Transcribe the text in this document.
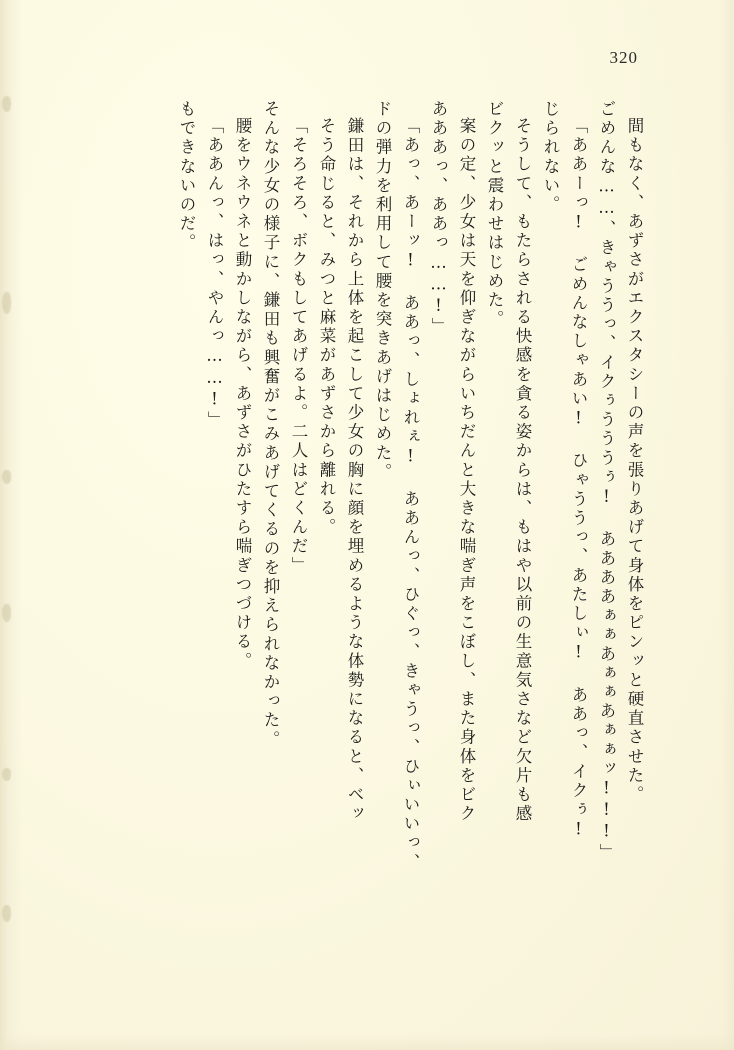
320
もできないのだ。 「ああんっ、はっ、やんっ……!」 腰をウネウネと動かしながら、あずさがひたすら喘ぎつづける。 そんな少女の様子に、鎌田も興奮がこみあげてくるのを抑えられなかった。 「そろそろ、ボクもしてあげるよ。二人はどくんだ」 そう命じると、みつと麻菜があずさから離れる。 鎌田は、それから上体を起こして少女の胸に顔を埋めるような体勢になると、ベッ ドの弾力を利用して腰を突きあげはじめた。 「あっ、あーッ! ああっ、しょれぇ! ああんっ、ひぐっ、きゃうっ、ひぃいいっ、 あああっ、ああっ……!」 案の定、少女は天を仰ぎながらいちだんと大きな喘ぎ声をこぼし、また身体をビク ビクッと震わせはじめた。 そうして、もたらされる快感を貪る姿からは、もはや以前の生意気さなど欠片も感 じられない。 「ああーっ! ごめんなしゃあい! ひゃううっ、あたしぃ! ああっ、イクぅ! ごめんな……、きゃううっ、イクぅうううぅ! ああああぁぁあぁぁあぁぁッ!!!」 間もなく、あずさがエクスタシーの声を張りあげて身体をピンッと硬直させた。
